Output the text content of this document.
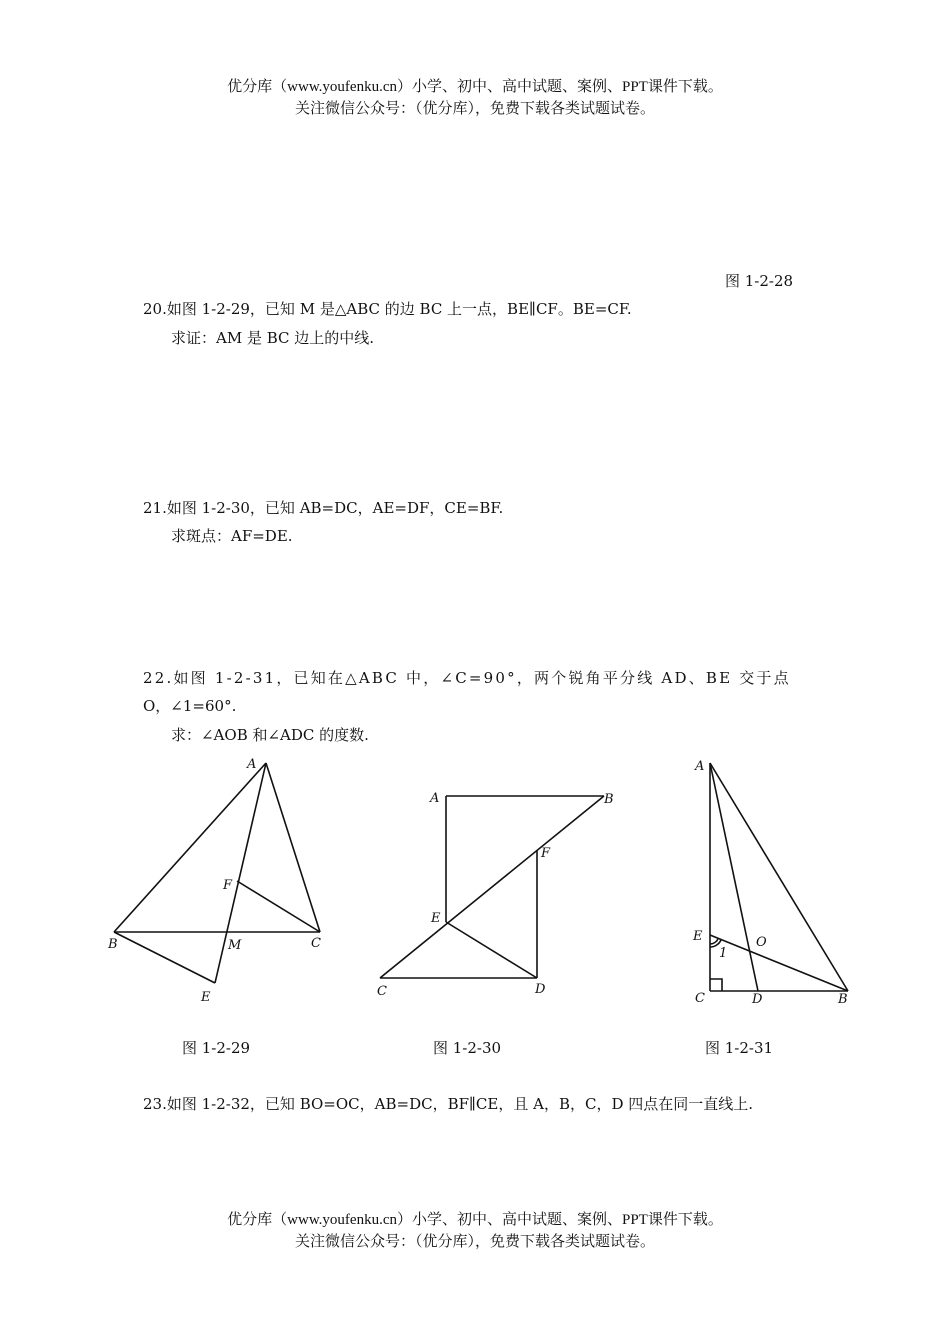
优分库（www.youfenku.cn）小学、初中、高中试题、案例、PPT课件下载。
关注微信公众号：（优分库），免费下载各类试题试卷。
图 1-2-28
20.如图 1-2-29，已知 M 是△ABC 的边 BC 上一点，BE∥CF。BE=CF.
求证：AM 是 BC 边上的中线.
21.如图 1-2-30，已知 AB=DC，AE=DF，CE=BF.
求斑点：AF=DE.
22.如图 1-2-31，已知在△ABC 中，∠C=90°，两个锐角平分线 AD、BE 交于点
O，∠1=60°.
求：∠AOB 和∠ADC 的度数.
A
B	C
F
M
E
A	B
F
E
C	D
A
E	O
1
C	D	B
图 1-2-29	图 1-2-30	图 1-2-31
23.如图 1-2-32，已知 BO=OC，AB=DC，BF∥CE，且 A，B，C，D 四点在同一直线上.
优分库（www.youfenku.cn）小学、初中、高中试题、案例、PPT课件下载。
关注微信公众号：（优分库），免费下载各类试题试卷。
